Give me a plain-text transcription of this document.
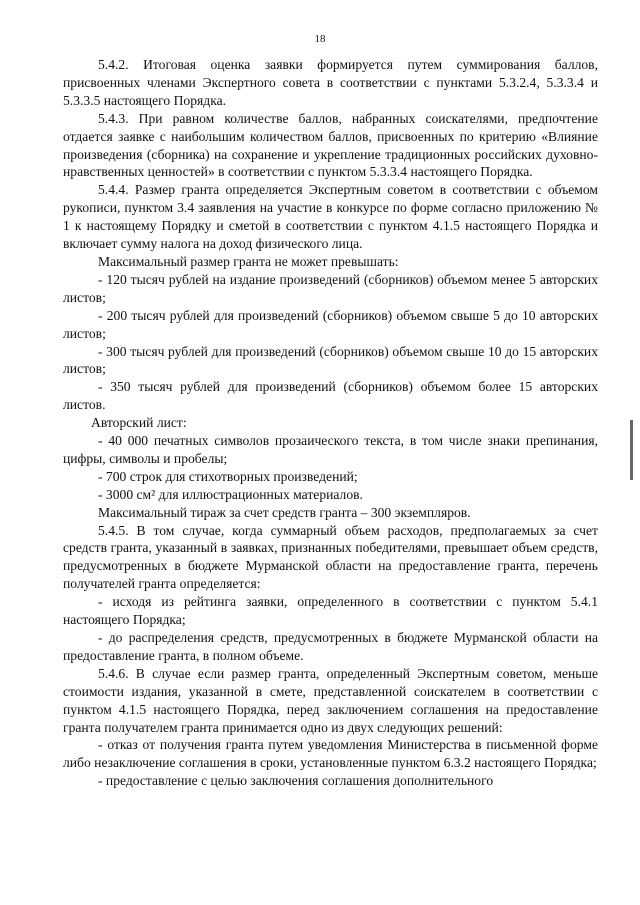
18

5.4.2. Итоговая оценка заявки формируется путем суммирования баллов, присвоенных членами Экспертного совета в соответствии с пунктами 5.3.2.4, 5.3.3.4 и 5.3.3.5 настоящего Порядка.

5.4.3. При равном количестве баллов, набранных соискателями, предпочтение отдается заявке с наибольшим количеством баллов, присвоенных по критерию «Влияние произведения (сборника) на сохранение и укрепление традиционных российских духовно-нравственных ценностей» в соответствии с пунктом 5.3.3.4 настоящего Порядка.

5.4.4. Размер гранта определяется Экспертным советом в соответствии с объемом рукописи, пунктом 3.4 заявления на участие в конкурсе по форме согласно приложению № 1 к настоящему Порядку и сметой в соответствии с пунктом 4.1.5 настоящего Порядка и включает сумму налога на доход физического лица.

Максимальный размер гранта не может превышать:

- 120 тысяч рублей на издание произведений (сборников) объемом менее 5 авторских листов;

- 200 тысяч рублей для произведений (сборников) объемом свыше 5 до 10 авторских листов;

- 300 тысяч рублей для произведений (сборников) объемом свыше 10 до 15 авторских листов;

- 350 тысяч рублей для произведений (сборников) объемом более 15 авторских листов.

Авторский лист:

- 40 000 печатных символов прозаического текста, в том числе знаки препинания, цифры, символы и пробелы;

- 700 строк для стихотворных произведений;

- 3000 см² для иллюстрационных материалов.

Максимальный тираж за счет средств гранта – 300 экземпляров.

5.4.5. В том случае, когда суммарный объем расходов, предполагаемых за счет средств гранта, указанный в заявках, признанных победителями, превышает объем средств, предусмотренных в бюджете Мурманской области на предоставление гранта, перечень получателей гранта определяется:

- исходя из рейтинга заявки, определенного в соответствии с пунктом 5.4.1 настоящего Порядка;

- до распределения средств, предусмотренных в бюджете Мурманской области на предоставление гранта, в полном объеме.

5.4.6. В случае если размер гранта, определенный Экспертным советом, меньше стоимости издания, указанной в смете, представленной соискателем в соответствии с пунктом 4.1.5 настоящего Порядка, перед заключением соглашения на предоставление гранта получателем гранта принимается одно из двух следующих решений:

- отказ от получения гранта путем уведомления Министерства в письменной форме либо незаключение соглашения в сроки, установленные пунктом 6.3.2 настоящего Порядка;

- предоставление с целью заключения соглашения дополнительного
